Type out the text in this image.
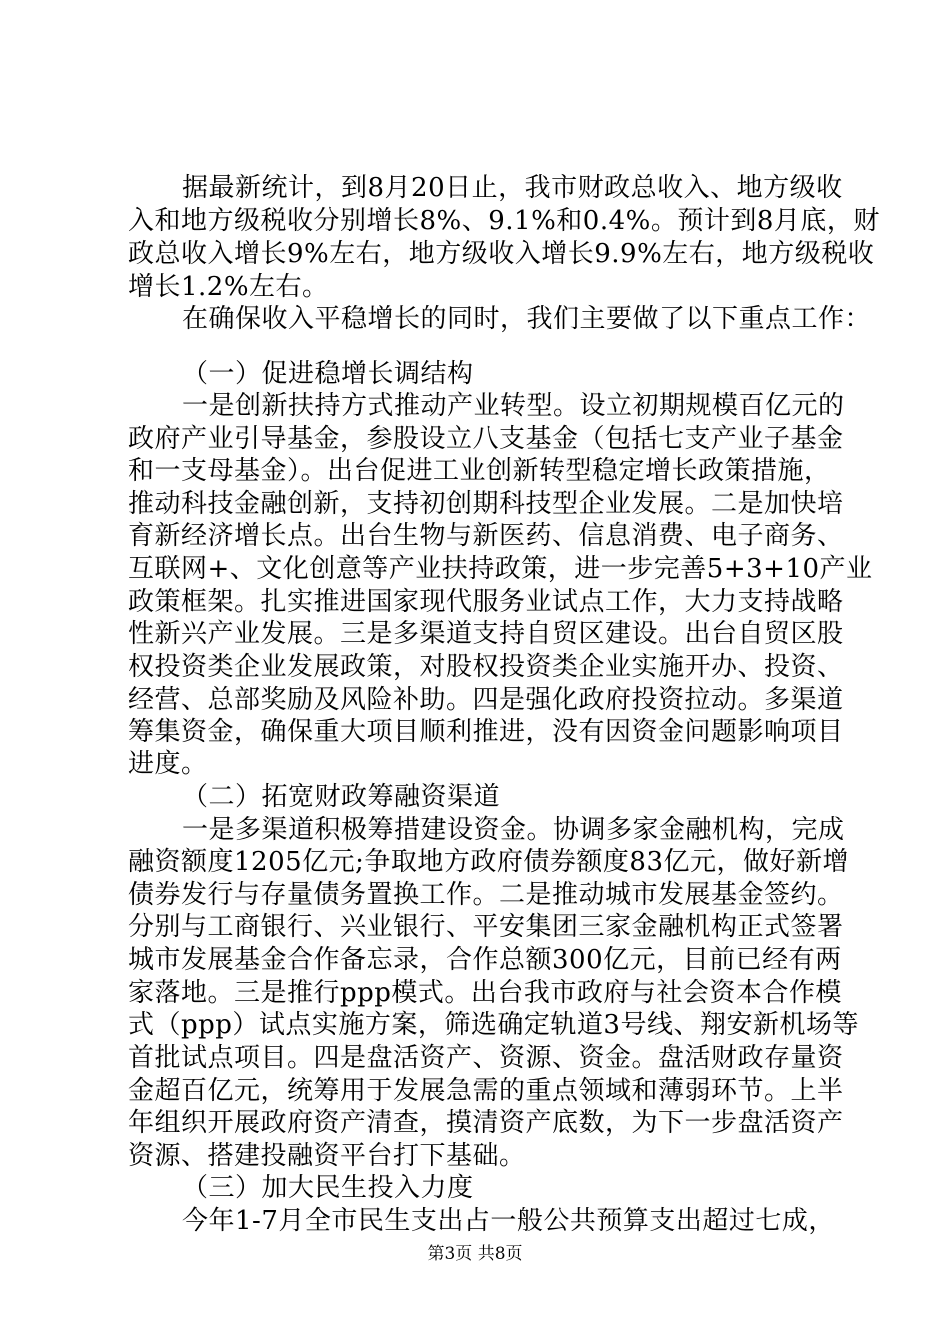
据最新统计，到8月20日止，我市财政总收入、地方级收
入和地方级税收分别增长8%、9.1%和0.4%。预计到8月底，财
政总收入增长9%左右，地方级收入增长9.9%左右，地方级税收
增长1.2%左右。
在确保收入平稳增长的同时，我们主要做了以下重点工作：
（一）促进稳增长调结构
一是创新扶持方式推动产业转型。设立初期规模百亿元的
政府产业引导基金，参股设立八支基金（包括七支产业子基金
和一支母基金）。出台促进工业创新转型稳定增长政策措施，
推动科技金融创新，支持初创期科技型企业发展。二是加快培
育新经济增长点。出台生物与新医药、信息消费、电子商务、
互联网+、文化创意等产业扶持政策，进一步完善5+3+10产业
政策框架。扎实推进国家现代服务业试点工作，大力支持战略
性新兴产业发展。三是多渠道支持自贸区建设。出台自贸区股
权投资类企业发展政策，对股权投资类企业实施开办、投资、
经营、总部奖励及风险补助。四是强化政府投资拉动。多渠道
筹集资金，确保重大项目顺利推进，没有因资金问题影响项目
进度。
（二）拓宽财政筹融资渠道
一是多渠道积极筹措建设资金。协调多家金融机构，完成
融资额度1205亿元;争取地方政府债券额度83亿元，做好新增
债券发行与存量债务置换工作。二是推动城市发展基金签约。
分别与工商银行、兴业银行、平安集团三家金融机构正式签署
城市发展基金合作备忘录，合作总额300亿元，目前已经有两
家落地。三是推行ppp模式。出台我市政府与社会资本合作模
式（ppp）试点实施方案，筛选确定轨道3号线、翔安新机场等
首批试点项目。四是盘活资产、资源、资金。盘活财政存量资
金超百亿元，统筹用于发展急需的重点领域和薄弱环节。上半
年组织开展政府资产清查，摸清资产底数，为下一步盘活资产
资源、搭建投融资平台打下基础。
（三）加大民生投入力度
今年1-7月全市民生支出占一般公共预算支出超过七成，
第3页 共8页
